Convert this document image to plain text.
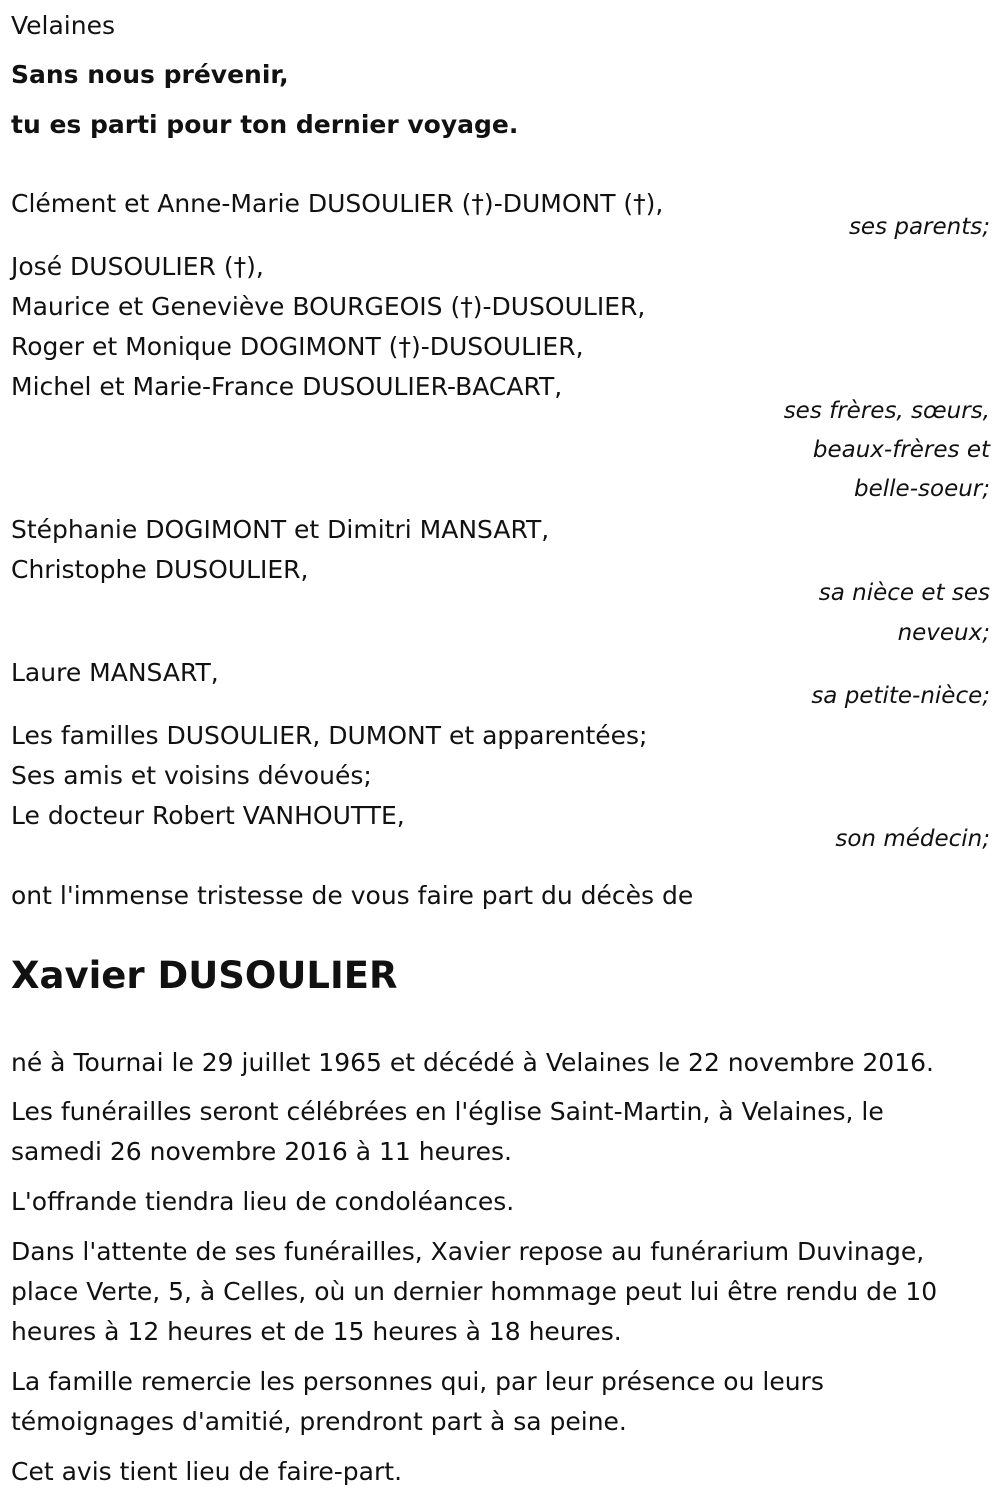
Velaines

Sans nous prévenir,

tu es parti pour ton dernier voyage.

Clément et Anne-Marie DUSOULIER (†)-DUMONT (†),

ses parents;

José DUSOULIER (†),

Maurice et Geneviève BOURGEOIS (†)-DUSOULIER,

Roger et Monique DOGIMONT (†)-DUSOULIER,

Michel et Marie-France DUSOULIER-BACART,

ses frères, sœurs,
beaux-frères et
belle-soeur;

Stéphanie DOGIMONT et Dimitri MANSART,

Christophe DUSOULIER,

sa nièce et ses
neveux;

Laure MANSART,

sa petite-nièce;

Les familles DUSOULIER, DUMONT et apparentées;

Ses amis et voisins dévoués;

Le docteur Robert VANHOUTTE,

son médecin;

ont l'immense tristesse de vous faire part du décès de

Xavier DUSOULIER

né à Tournai le 29 juillet 1965 et décédé à Velaines le 22 novembre 2016.

Les funérailles seront célébrées en l'église Saint-Martin, à Velaines, le

samedi 26 novembre 2016 à 11 heures.

L'offrande tiendra lieu de condoléances.

Dans l'attente de ses funérailles, Xavier repose au funérarium Duvinage,

place Verte, 5, à Celles, où un dernier hommage peut lui être rendu de 10

heures à 12 heures et de 15 heures à 18 heures.

La famille remercie les personnes qui, par leur présence ou leurs

témoignages d'amitié, prendront part à sa peine.

Cet avis tient lieu de faire-part.
